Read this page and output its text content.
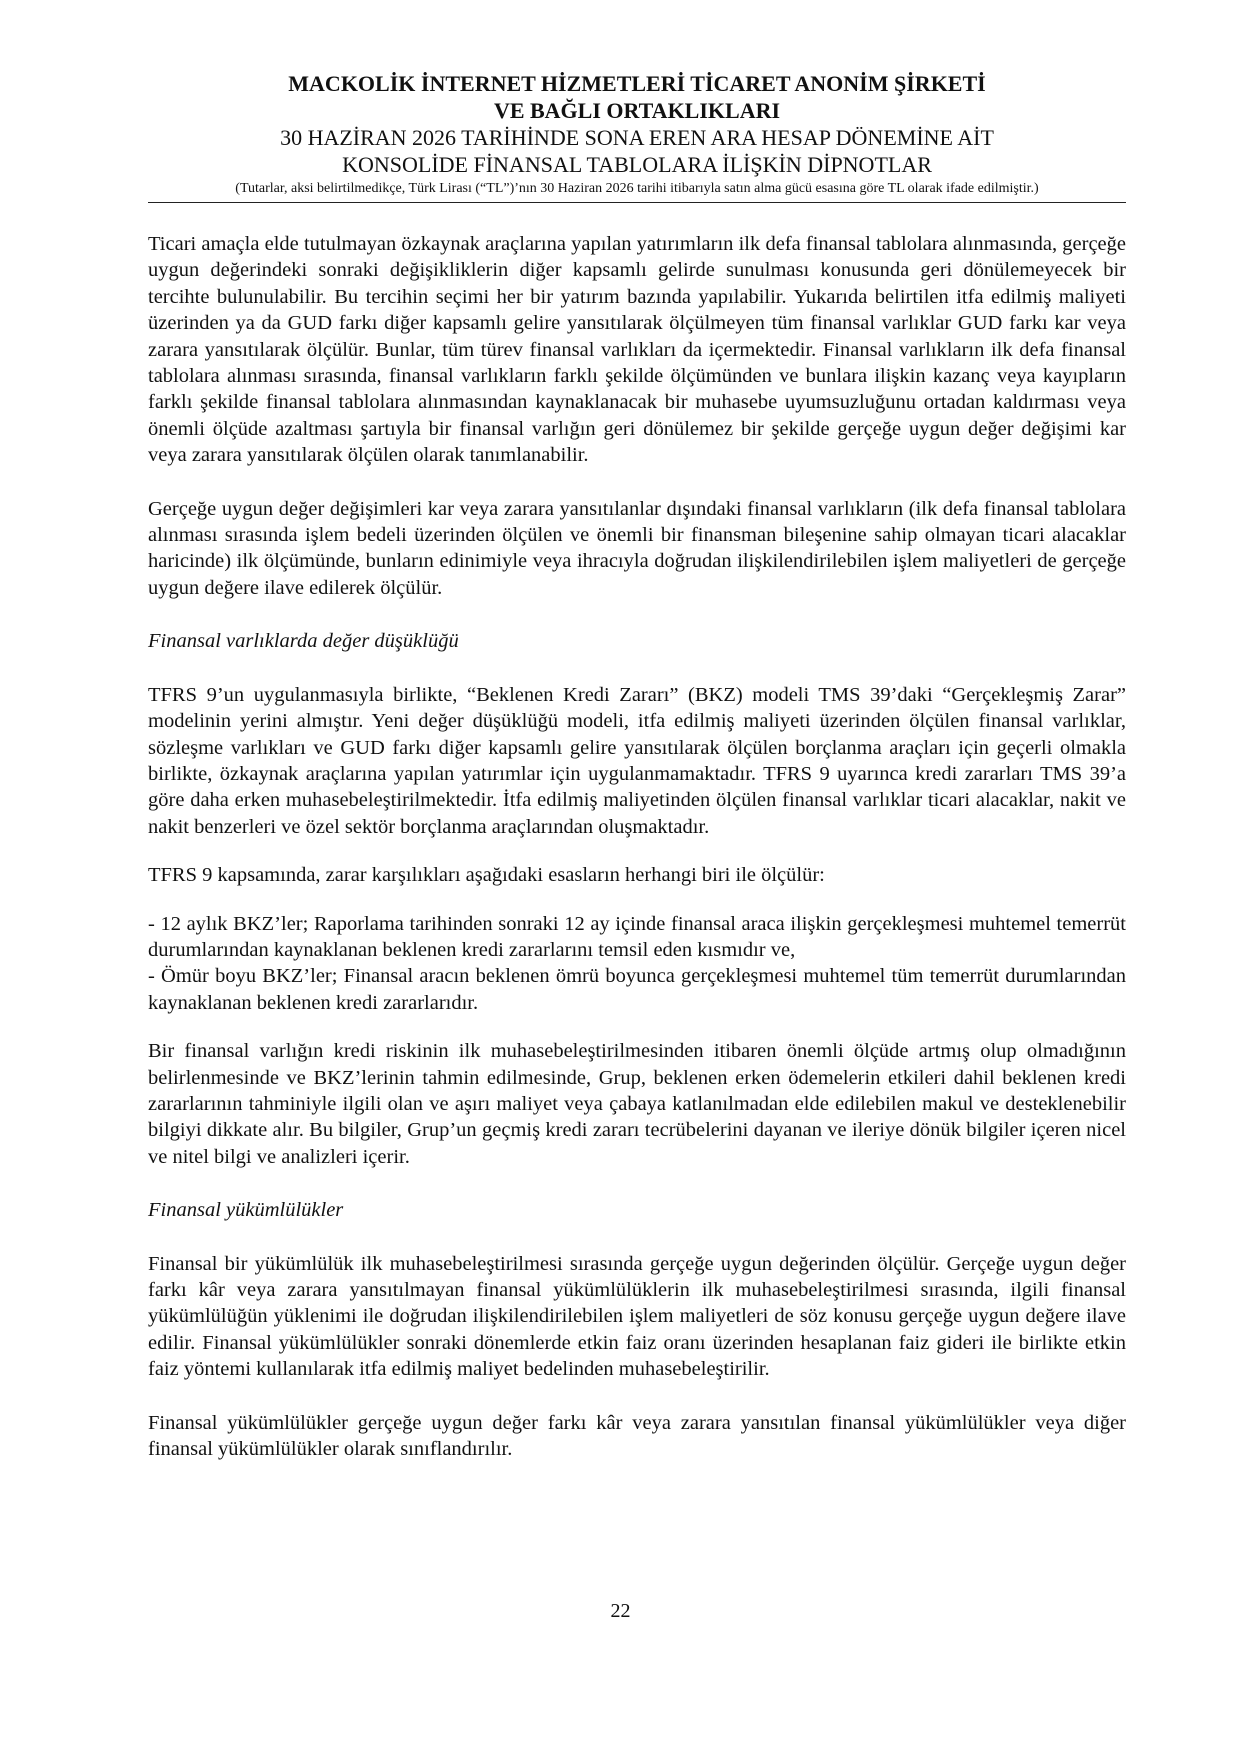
MACKOLİK İNTERNET HİZMETLERİ TİCARET ANONİM ŞİRKETİ

VE BAĞLI ORTAKLIKLARI

30 HAZİRAN 2026 TARİHİNDE SONA EREN ARA HESAP DÖNEMİNE AİT

KONSOLİDE FİNANSAL TABLOLARA İLİŞKİN DİPNOTLAR

(Tutarlar, aksi belirtilmedikçe, Türk Lirası (“TL”)’nın 30 Haziran 2026 tarihi itibarıyla satın alma gücü esasına göre TL olarak ifade edilmiştir.)

Ticari amaçla elde tutulmayan özkaynak araçlarına yapılan yatırımların ilk defa finansal tablolara alınmasında, gerçeğe uygun değerindeki sonraki değişikliklerin diğer kapsamlı gelirde sunulması konusunda geri dönülemeyecek bir tercihte bulunulabilir. Bu tercihin seçimi her bir yatırım bazında yapılabilir. Yukarıda belirtilen itfa edilmiş maliyeti üzerinden ya da GUD farkı diğer kapsamlı gelire yansıtılarak ölçülmeyen tüm finansal varlıklar GUD farkı kar veya zarara yansıtılarak ölçülür. Bunlar, tüm türev finansal varlıkları da içermektedir. Finansal varlıkların ilk defa finansal tablolara alınması sırasında, finansal varlıkların farklı şekilde ölçümünden ve bunlara ilişkin kazanç veya kayıpların farklı şekilde finansal tablolara alınmasından kaynaklanacak bir muhasebe uyumsuzluğunu ortadan kaldırması veya önemli ölçüde azaltması şartıyla bir finansal varlığın geri dönülemez bir şekilde gerçeğe uygun değer değişimi kar veya zarara yansıtılarak ölçülen olarak tanımlanabilir.

Gerçeğe uygun değer değişimleri kar veya zarara yansıtılanlar dışındaki finansal varlıkların (ilk defa finansal tablolara alınması sırasında işlem bedeli üzerinden ölçülen ve önemli bir finansman bileşenine sahip olmayan ticari alacaklar haricinde) ilk ölçümünde, bunların edinimiyle veya ihracıyla doğrudan ilişkilendirilebilen işlem maliyetleri de gerçeğe uygun değere ilave edilerek ölçülür.

Finansal varlıklarda değer düşüklüğü

TFRS 9’un uygulanmasıyla birlikte, “Beklenen Kredi Zararı” (BKZ) modeli TMS 39’daki “Gerçekleşmiş Zarar” modelinin yerini almıştır. Yeni değer düşüklüğü modeli, itfa edilmiş maliyeti üzerinden ölçülen finansal varlıklar, sözleşme varlıkları ve GUD farkı diğer kapsamlı gelire yansıtılarak ölçülen borçlanma araçları için geçerli olmakla birlikte, özkaynak araçlarına yapılan yatırımlar için uygulanmamaktadır. TFRS 9 uyarınca kredi zararları TMS 39’a göre daha erken muhasebeleştirilmektedir. İtfa edilmiş maliyetinden ölçülen finansal varlıklar ticari alacaklar, nakit ve nakit benzerleri ve özel sektör borçlanma araçlarından oluşmaktadır.

TFRS 9 kapsamında, zarar karşılıkları aşağıdaki esasların herhangi biri ile ölçülür:

- 12 aylık BKZ’ler; Raporlama tarihinden sonraki 12 ay içinde finansal araca ilişkin gerçekleşmesi muhtemel temerrüt durumlarından kaynaklanan beklenen kredi zararlarını temsil eden kısmıdır ve,

- Ömür boyu BKZ’ler; Finansal aracın beklenen ömrü boyunca gerçekleşmesi muhtemel tüm temerrüt durumlarından kaynaklanan beklenen kredi zararlarıdır.

Bir finansal varlığın kredi riskinin ilk muhasebeleştirilmesinden itibaren önemli ölçüde artmış olup olmadığının belirlenmesinde ve BKZ’lerinin tahmin edilmesinde, Grup, beklenen erken ödemelerin etkileri dahil beklenen kredi zararlarının tahminiyle ilgili olan ve aşırı maliyet veya çabaya katlanılmadan elde edilebilen makul ve desteklenebilir bilgiyi dikkate alır. Bu bilgiler, Grup’un geçmiş kredi zararı tecrübelerini dayanan ve ileriye dönük bilgiler içeren nicel ve nitel bilgi ve analizleri içerir.

Finansal yükümlülükler

Finansal bir yükümlülük ilk muhasebeleştirilmesi sırasında gerçeğe uygun değerinden ölçülür. Gerçeğe uygun değer farkı kâr veya zarara yansıtılmayan finansal yükümlülüklerin ilk muhasebeleştirilmesi sırasında, ilgili finansal yükümlülüğün yüklenimi ile doğrudan ilişkilendirilebilen işlem maliyetleri de söz konusu gerçeğe uygun değere ilave edilir. Finansal yükümlülükler sonraki dönemlerde etkin faiz oranı üzerinden hesaplanan faiz gideri ile birlikte etkin faiz yöntemi kullanılarak itfa edilmiş maliyet bedelinden muhasebeleştirilir.

Finansal yükümlülükler gerçeğe uygun değer farkı kâr veya zarara yansıtılan finansal yükümlülükler veya diğer finansal yükümlülükler olarak sınıflandırılır.

22
